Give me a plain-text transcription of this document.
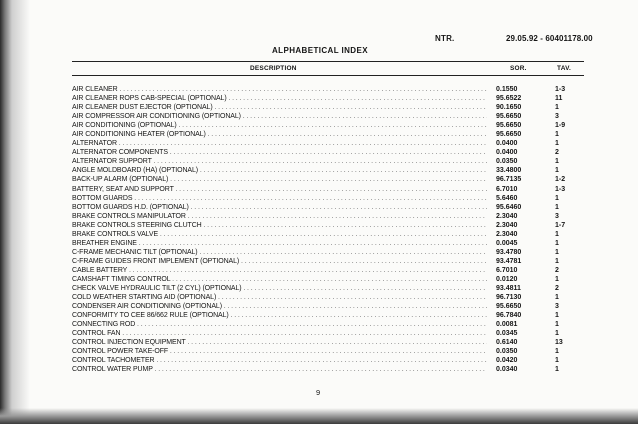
NTR.	29.05.92 - 60401178.00
ALPHABETICAL INDEX
DESCRIPTION	SOR.	TAV.
AIR CLEANER . . .	0.1550	1-3
AIR CLEANER ROPS CAB-SPECIAL (OPTIONAL) . . .	95.6522	11
AIR CLEANER DUST EJECTOR (OPTIONAL) . . .	90.1650	1
AIR COMPRESSOR AIR CONDITIONING (OPTIONAL) . . .	95.6650	3
AIR CONDITIONING (OPTIONAL) . . .	95.6650	1-9
AIR CONDITIONING HEATER (OPTIONAL) . . .	95.6650	1
ALTERNATOR . . .	0.0400	1
ALTERNATOR COMPONENTS . . .	0.0400	2
ALTERNATOR SUPPORT . . .	0.0350	1
ANGLE MOLDBOARD (HA) (OPTIONAL) . . .	33.4800	1
BACK-UP ALARM (OPTIONAL) . . .	96.7135	1-2
BATTERY, SEAT AND SUPPORT . . .	6.7010	1-3
BOTTOM GUARDS . . .	5.6460	1
BOTTOM GUARDS H.D. (OPTIONAL) . . .	95.6460	1
BRAKE CONTROLS MANIPULATOR . . .	2.3040	3
BRAKE CONTROLS STEERING CLUTCH . . .	2.3040	1-7
BRAKE CONTROLS VALVE . . .	2.3040	1
BREATHER ENGINE . . .	0.0045	1
C-FRAME MECHANIC TILT (OPTIONAL) . . .	93.4780	1
C-FRAME GUIDES FRONT IMPLEMENT (OPTIONAL) . . .	93.4781	1
CABLE BATTERY . . .	6.7010	2
CAMSHAFT TIMING CONTROL . . .	0.0120	1
CHECK VALVE HYDRAULIC TILT (2 CYL) (OPTIONAL) . . .	93.4811	2
COLD WEATHER STARTING AID (OPTIONAL) . . .	96.7130	1
CONDENSER AIR CONDITIONING (OPTIONAL) . . .	95.6650	3
CONFORMITY TO CEE 86/662 RULE (OPTIONAL) . . .	96.7840	1
CONNECTING ROD . . .	0.0081	1
CONTROL FAN . . .	0.0345	1
CONTROL INJECTION EQUIPMENT . . .	0.6140	13
CONTROL POWER TAKE-OFF . . .	0.0350	1
CONTROL TACHOMETER . . .	0.0420	1
CONTROL WATER PUMP . . .	0.0340	1
9
